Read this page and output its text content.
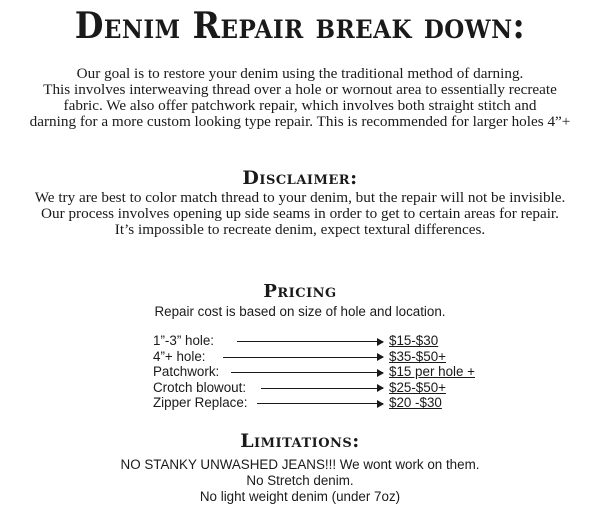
Denim Repair break down:

Our goal is to restore your denim using the traditional method of darning.

This involves interweaving thread over a hole or wornout area to essentially recreate

fabric. We also offer patchwork repair, which involves both straight stitch and

darning for a more custom looking type repair. This is recommended for larger holes 4”+

Disclaimer:

We try are best to color match thread to your denim, but the repair will not be invisible.

Our process involves opening up side seams in order to get to certain areas for repair.

It’s impossible to recreate denim, expect textural differences.

Pricing

Repair cost is based on size of hole and location.

1”-3” hole:	$15-$30
4”+ hole:	$35-$50+
Patchwork:	$15 per hole +
Crotch blowout:	$25-$50+
Zipper Replace:	$20 -$30
Limitations:

NO STANKY UNWASHED JEANS!!! We wont work on them.

No Stretch denim.

No light weight denim (under 7oz)
